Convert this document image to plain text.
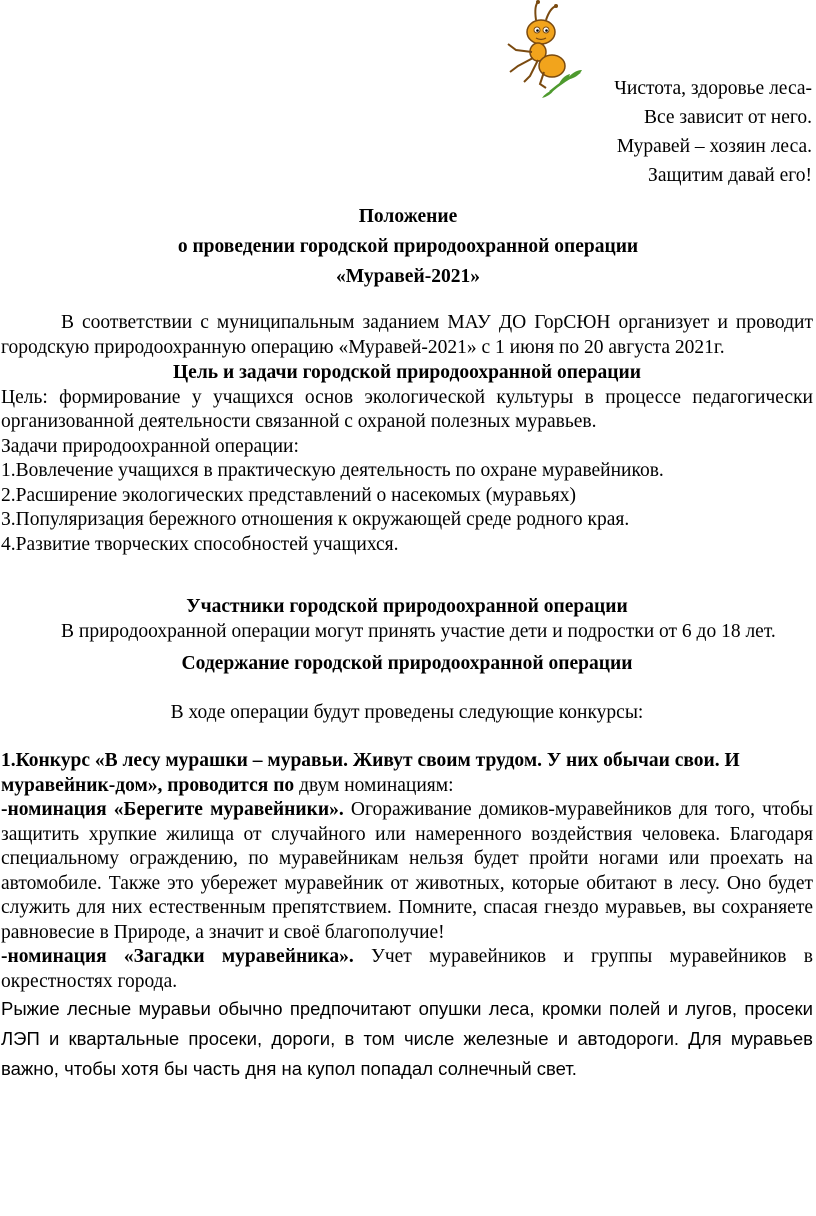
Чистота, здоровье леса-
Все зависит от него.
Муравей – хозяин леса.
Защитим давай его!
Положение
о проведении городской природоохранной операции
«Муравей-2021»

В соответствии с муниципальным заданием МАУ ДО ГорСЮН организует и проводит городскую природоохранную операцию «Муравей-2021» с 1 июня по 20 августа 2021г.

Цель и задачи городской природоохранной операции

Цель: формирование у учащихся основ экологической культуры в процессе педагогически организованной деятельности связанной с охраной полезных муравьев.

Задачи природоохранной операции:

1.Вовлечение учащихся в практическую деятельность по охране муравейников.

2.Расширение экологических представлений о насекомых (муравьях)

3.Популяризация бережного отношения к окружающей среде родного края.

4.Развитие творческих способностей учащихся.

Участники городской природоохранной операции

В природоохранной операции могут принять участие дети и подростки от 6 до 18 лет.

Содержание городской природоохранной операции

В ходе операции будут проведены следующие конкурсы:

1.Конкурс «В лесу мурашки – муравьи. Живут своим трудом. У них обычаи свои. И муравейник-дом», проводится по двум номинациям:

-номинация «Берегите муравейники». Огораживание домиков-муравейников для того, чтобы защитить хрупкие жилища от случайного или намеренного воздействия человека. Благодаря специальному ограждению, по муравейникам нельзя будет пройти ногами или проехать на автомобиле. Также это убережет муравейник от животных, которые обитают в лесу. Оно будет служить для них естественным препятствием. Помните, спасая гнездо муравьев, вы сохраняете равновесие в Природе, а значит и своё благополучие!

-номинация «Загадки муравейника». Учет муравейников и группы муравейников в окрестностях города.

Рыжие лесные муравьи обычно предпочитают опушки леса, кромки полей и лугов, просеки ЛЭП и квартальные просеки, дороги, в том числе железные и автодороги. Для муравьев важно, чтобы хотя бы часть дня на купол попадал солнечный свет.
